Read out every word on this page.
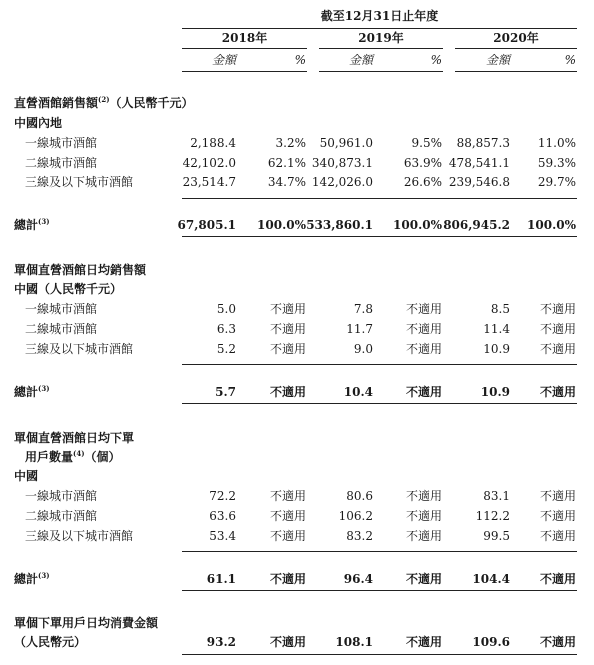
截至12月31日止年度
2018年	2019年	2020年
金額	%	金額	%	金額	%
直營酒館銷售額$^{(2)}$（人民幣千元）
中國內地
一線城市酒館	2,188.4	3.2%	50,961.0	9.5%	88,857.3	11.0%
二線城市酒館	42,102.0	62.1% 340,873.1	63.9% 478,541.1	59.3%
三線及以下城市酒館	23,514.7	34.7% 142,026.0	26.6% 239,546.8	29.7%
總計$^{(3)}$	67,805.1	100.0% 533,860.1	100.0% 806,945.2	100.0%
單個直營酒館日均銷售額
中國（人民幣千元）
一線城市酒館	5.0	不適用	7.8	不適用	8.5	不適用
二線城市酒館	6.3	不適用	11.7	不適用	11.4	不適用
三線及以下城市酒館	5.2	不適用	9.0	不適用	10.9	不適用
總計$^{(3)}$	5.7	不適用	10.4	不適用	10.9	不適用
單個直營酒館日均下單
用戶數量$^{(4)}$（個）
中國
一線城市酒館	72.2	不適用	80.6	不適用	83.1	不適用
二線城市酒館	63.6	不適用	106.2	不適用	112.2	不適用
三線及以下城市酒館	53.4	不適用	83.2	不適用	99.5	不適用
總計$^{(3)}$	61.1	不適用	96.4	不適用	104.4	不適用
單個下單用戶日均消費金額
（人民幣元）	93.2	不適用	108.1	不適用	109.6	不適用
